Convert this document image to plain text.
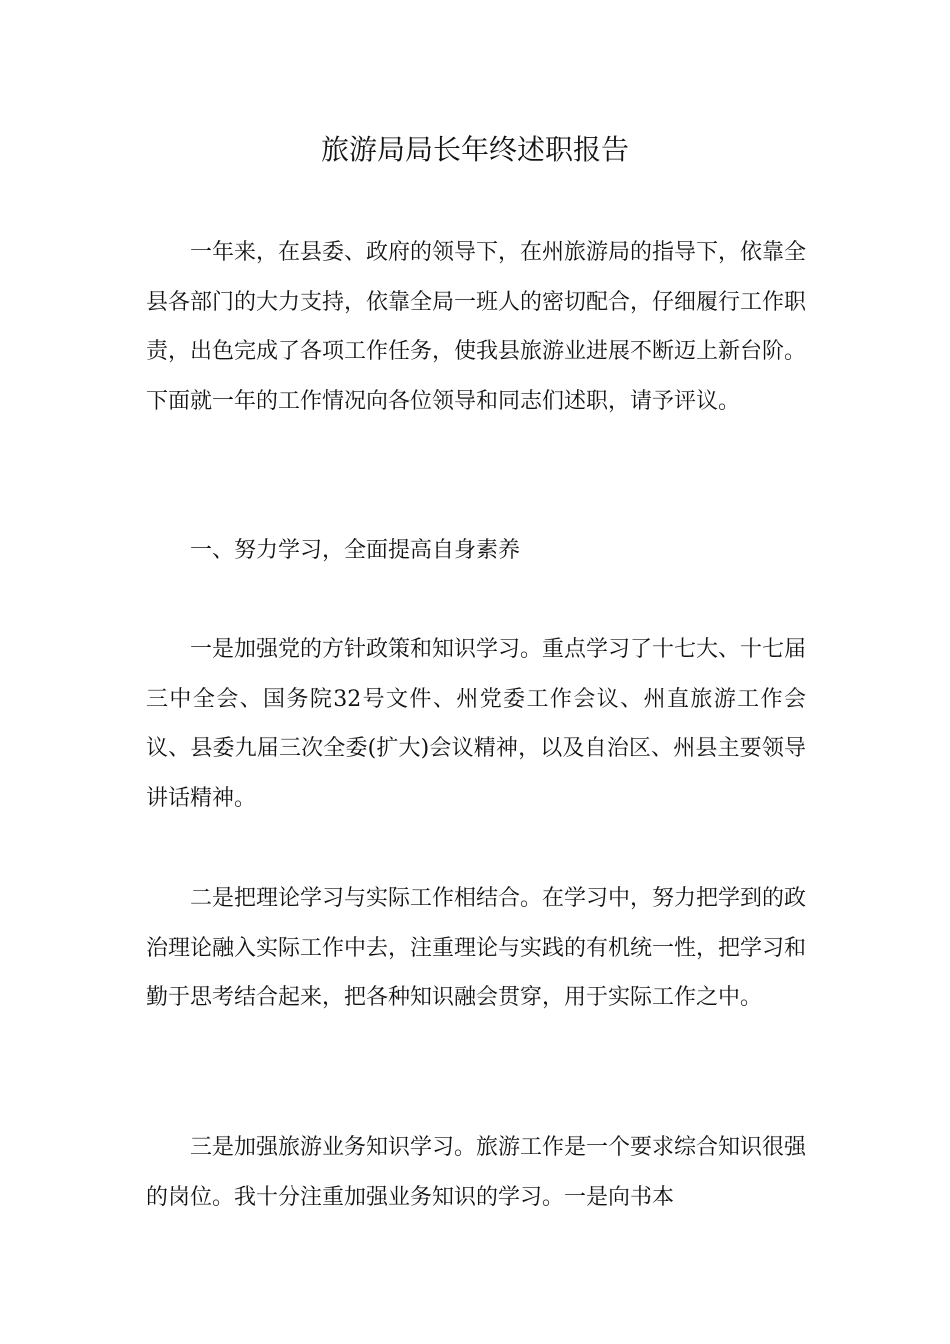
旅游局局长年终述职报告

一年来，在县委、政府的领导下，在州旅游局的指导下，依靠全县各部门的大力支持，依靠全局一班人的密切配合，仔细履行工作职责，出色完成了各项工作任务，使我县旅游业进展不断迈上新台阶。下面就一年的工作情况向各位领导和同志们述职，请予评议。

一、努力学习，全面提高自身素养

一是加强党的方针政策和知识学习。重点学习了十七大、十七届三中全会、国务院32号文件、州党委工作会议、州直旅游工作会议、县委九届三次全委(扩大)会议精神，以及自治区、州县主要领导讲话精神。

二是把理论学习与实际工作相结合。在学习中，努力把学到的政治理论融入实际工作中去，注重理论与实践的有机统一性，把学习和勤于思考结合起来，把各种知识融会贯穿，用于实际工作之中。

三是加强旅游业务知识学习。旅游工作是一个要求综合知识很强的岗位。我十分注重加强业务知识的学习。一是向书本
